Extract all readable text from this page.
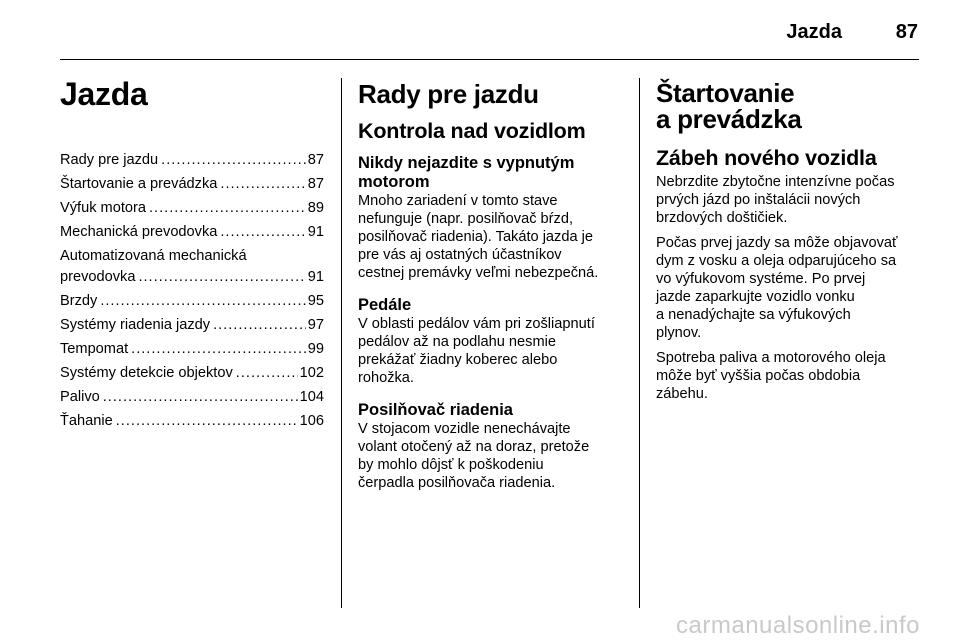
Jazda	87
Jazda
Rady pre jazdu .....	87
Štartovanie a prevádzka .....	87
Výfuk motora .....	89
Mechanická prevodovka .....	91
Automatizovaná mechanická
prevodovka .....	91
Brzdy .....	95
Systémy riadenia jazdy .....	97
Tempomat .....	99
Systémy detekcie objektov .....	102
Palivo .....	104
Ťahanie .....	106
Rady pre jazdu
Kontrola nad vozidlom
Nikdy nejazdite s vypnutým
motorom

Mnoho zariadení v tomto stave
nefunguje (napr. posilňovač bŕzd,
posilňovač riadenia). Takáto jazda je
pre vás aj ostatných účastníkov
cestnej premávky veľmi nebezpečná.

Pedále

V oblasti pedálov vám pri zošliapnutí
pedálov až na podlahu nesmie
prekážať žiadny koberec alebo
rohožka.

Posilňovač riadenia

V stojacom vozidle nenechávajte
volant otočený až na doraz, pretože
by mohlo dôjsť k poškodeniu
čerpadla posilňovača riadenia.

Štartovanie
a prevádzka
Zábeh nového vozidla

Nebrzdite zbytočne intenzívne počas
prvých jázd po inštalácii nových
brzdových doštičiek.

Počas prvej jazdy sa môže objavovať
dym z vosku a oleja odparujúceho sa
vo výfukovom systéme. Po prvej
jazde zaparkujte vozidlo vonku
a nenadýchajte sa výfukových
plynov.

Spotreba paliva a motorového oleja
môže byť vyššia počas obdobia
zábehu.

carmanualsonline.info
